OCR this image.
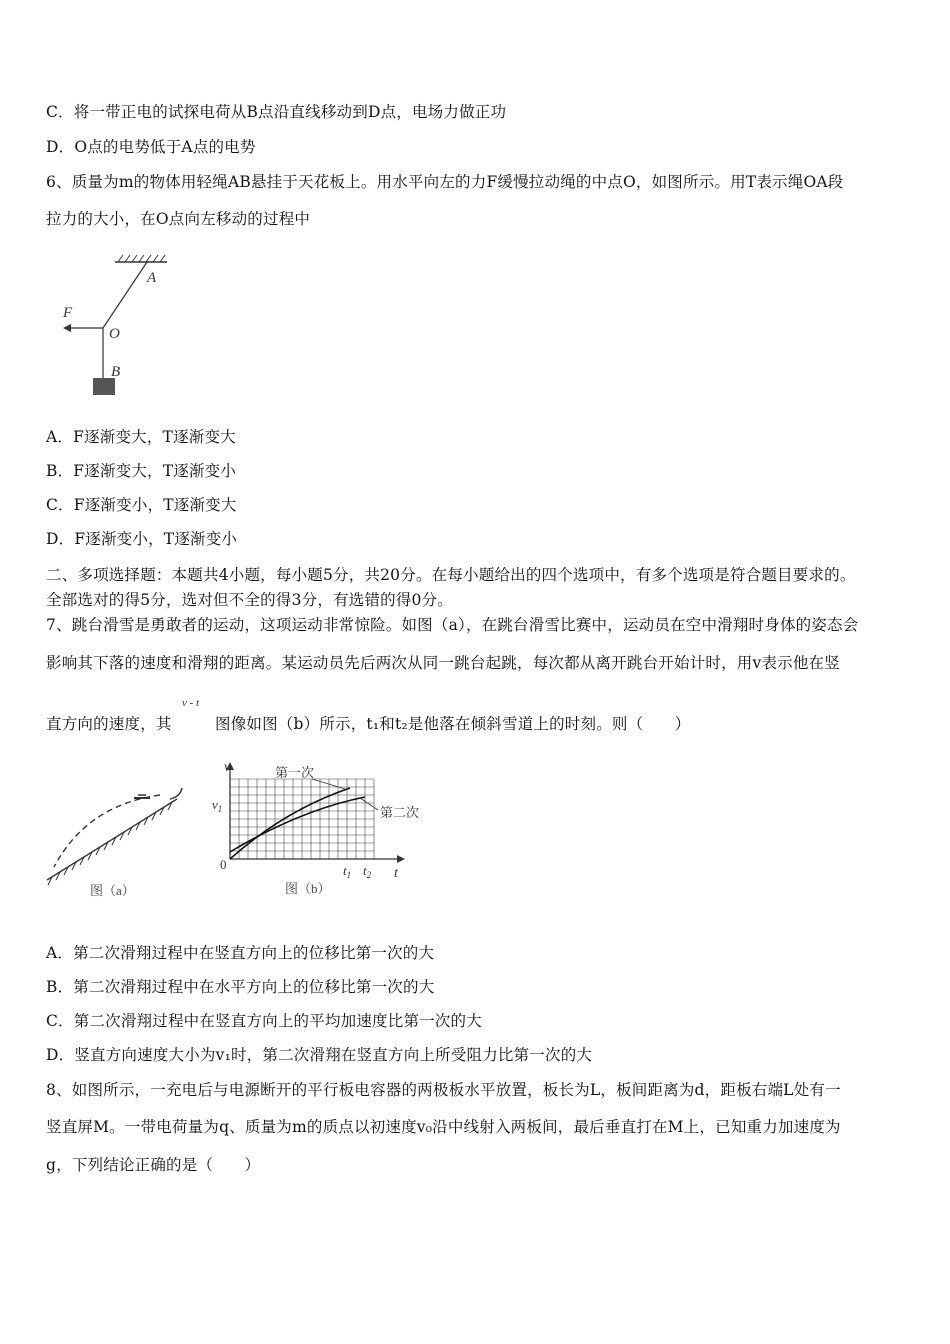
C．将一带正电的试探电荷从B点沿直线移动到D点，电场力做正功
D．O点的电势低于A点的电势
6、质量为m的物体用轻绳AB悬挂于天花板上。用水平向左的力F缓慢拉动绳的中点O，如图所示。用T表示绳OA段
拉力的大小，在O点向左移动的过程中
A
O
F
B
A．F逐渐变大，T逐渐变大
B．F逐渐变大，T逐渐变小
C．F逐渐变小，T逐渐变大
D．F逐渐变小，T逐渐变小
二、多项选择题：本题共4小题，每小题5分，共20分。在每小题给出的四个选项中，有多个选项是符合题目要求的。
全部选对的得5分，选对但不全的得3分，有选错的得0分。
7、跳台滑雪是勇敢者的运动，这项运动非常惊险。如图（a），在跳台滑雪比赛中，运动员在空中滑翔时身体的姿态会
影响其下落的速度和滑翔的距离。某运动员先后两次从同一跳台起跳，每次都从离开跳台开始计时，用v表示他在竖
直方向的速度，其
v - t
图像如图（b）所示，t₁和t₂是他落在倾斜雪道上的时刻。则（　　）
图（a）
v
t
0
$v_1$
$t_1$ $t_2$
第一次
第二次
图（b）
A．第二次滑翔过程中在竖直方向上的位移比第一次的大
B．第二次滑翔过程中在水平方向上的位移比第一次的大
C．第二次滑翔过程中在竖直方向上的平均加速度比第一次的大
D．竖直方向速度大小为v₁时，第二次滑翔在竖直方向上所受阻力比第一次的大
8、如图所示，一充电后与电源断开的平行板电容器的两极板水平放置，板长为L，板间距离为d，距板右端L处有一
竖直屏M。一带电荷量为q、质量为m的质点以初速度v₀沿中线射入两板间，最后垂直打在M上，已知重力加速度为
g，下列结论正确的是（　　）
